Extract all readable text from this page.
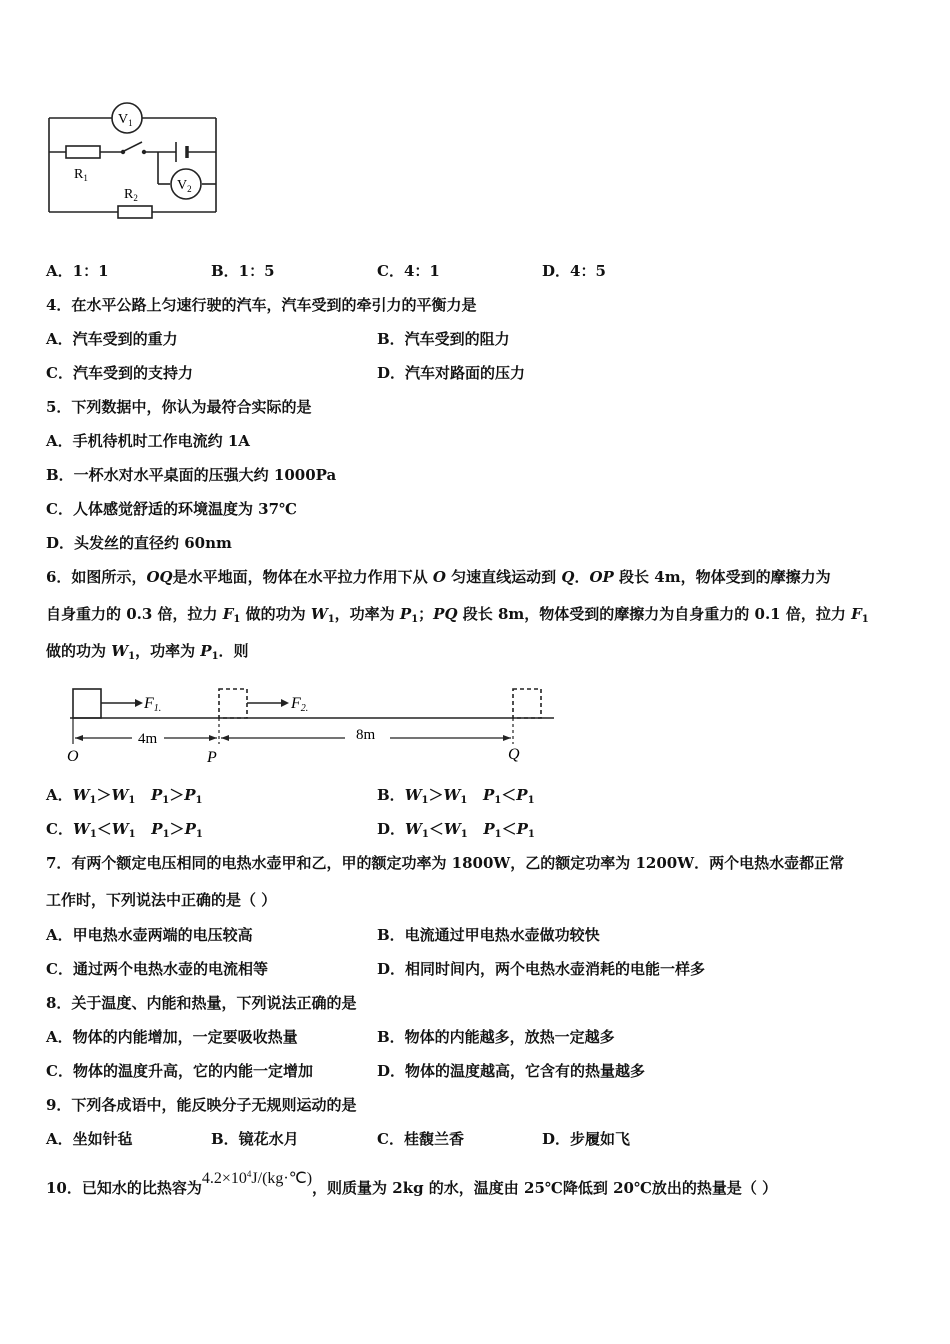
$V_1$
$V_2$
$R_1$
$R_2$
A．1：1	B．1：5	C．4：1	D．4：5
4．在水平公路上匀速行驶的汽车，汽车受到的牵引力的平衡力是
A．汽车受到的重力	B．汽车受到的阻力
C．汽车受到的支持力	D．汽车对路面的压力
5．下列数据中，你认为最符合实际的是
A．手机待机时工作电流约 1A
B．一杯水对水平桌面的压强大约 1000Pa
C．人体感觉舒适的环境温度为 37℃
D．头发丝的直径约 60nm
6．如图所示，OQ是水平地面，物体在水平拉力作用下从 O 匀速直线运动到 Q．OP 段长 4m，物体受到的摩擦力为
自身重力的 0.3 倍，拉力 $F_1$ 做的功为 $W_1$，功率为 $P_1$；PQ 段长 8m，物体受到的摩擦力为自身重力的 0.1 倍，拉力 $F_1$
做的功为 $W_1$，功率为 $P_1$．则
F1.	F2.
4m	8m
O	P	Q
A．$W_1>W_1$ $P_1>P_1$	B．$W_1>W_1$ $P_1<P_1$
C．$W_1<W_1$ $P_1>P_1$	D．$W_1<W_1$ $P_1<P_1$
7．有两个额定电压相同的电热水壶甲和乙，甲的额定功率为 1800W，乙的额定功率为 1200W．两个电热水壶都正常
工作时，下列说法中正确的是（ ）
A．甲电热水壶两端的电压较高	B．电流通过甲电热水壶做功较快
C．通过两个电热水壶的电流相等	D．相同时间内，两个电热水壶消耗的电能一样多
8．关于温度、内能和热量，下列说法正确的是
A．物体的内能增加，一定要吸收热量	B．物体的内能越多，放热一定越多
C．物体的温度升高，它的内能一定增加	D．物体的温度越高，它含有的热量越多
9．下列各成语中，能反映分子无规则运动的是
A．坐如针毡	B．镜花水月	C．桂馥兰香	D．步履如飞
10．已知水的比热容为$4.2\times 10^4J/(kg\cdot℃)$，则质量为 2kg 的水，温度由 25℃降低到 20℃放出的热量是（ ）
